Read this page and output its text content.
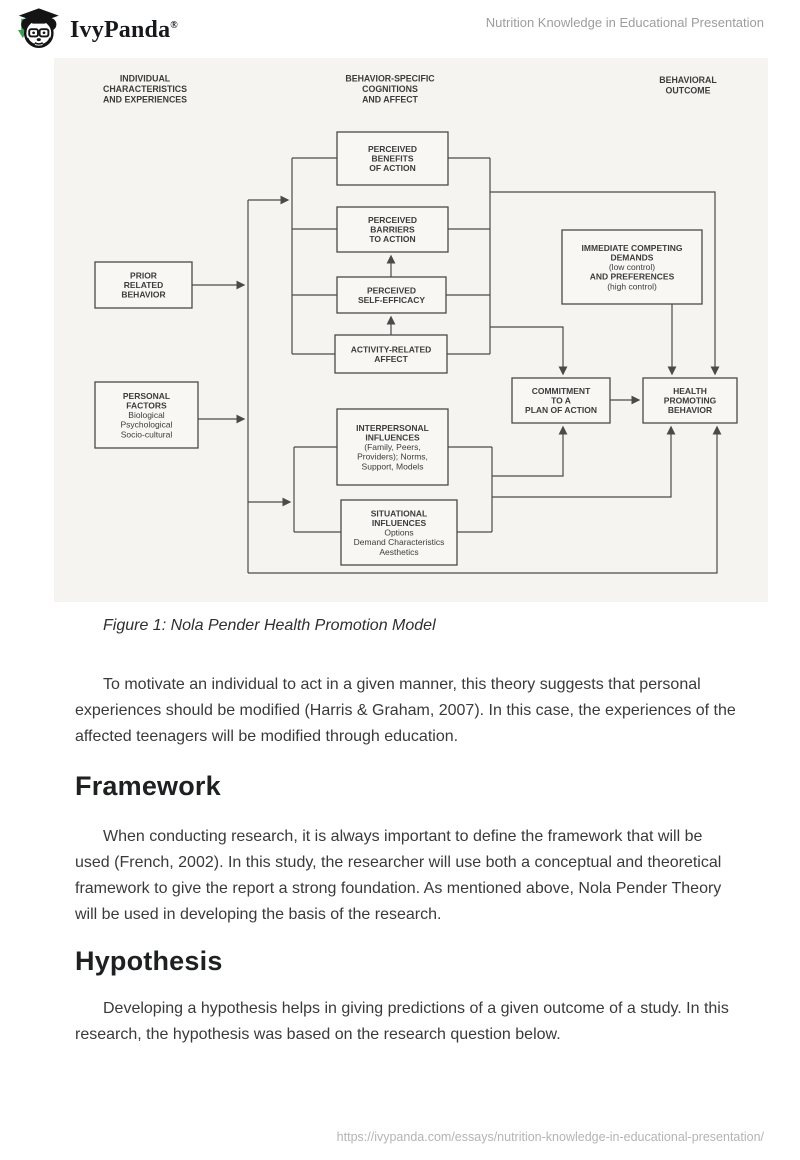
IvyPanda®	Nutrition Knowledge in Educational Presentation
PRIOR RELATED BEHAVIOR
PERSONAL FACTORS Biological Psychological Socio-cultural
PERCEIVED BENEFITS OF ACTION
PERCEIVED BARRIERS TO ACTION
PERCEIVED SELF-EFFICACY
ACTIVITY-RELATED AFFECT
INTERPERSONAL INFLUENCES (Family, Peers, Providers); Norms, Support, Models
SITUATIONAL INFLUENCES Options Demand Characteristics Aesthetics
IMMEDIATE COMPETING DEMANDS (low control) AND PREFERENCES (high control)
COMMITMENT TO A PLAN OF ACTION
HEALTH PROMOTING BEHAVIOR
INDIVIDUAL CHARACTERISTICS AND EXPERIENCES
BEHAVIOR-SPECIFIC COGNITIONS AND AFFECT
BEHAVIORAL OUTCOME
Figure 1: Nola Pender Health Promotion Model

To motivate an individual to act in a given manner, this theory suggests that personal experiences should be modified (Harris & Graham, 2007). In this case, the experiences of the affected teenagers will be modified through education.

Framework

When conducting research, it is always important to define the framework that will be used (French, 2002). In this study, the researcher will use both a conceptual and theoretical framework to give the report a strong foundation. As mentioned above, Nola Pender Theory will be used in developing the basis of the research.

Hypothesis

Developing a hypothesis helps in giving predictions of a given outcome of a study. In this research, the hypothesis was based on the research question below.

https://ivypanda.com/essays/nutrition-knowledge-in-educational-presentation/
